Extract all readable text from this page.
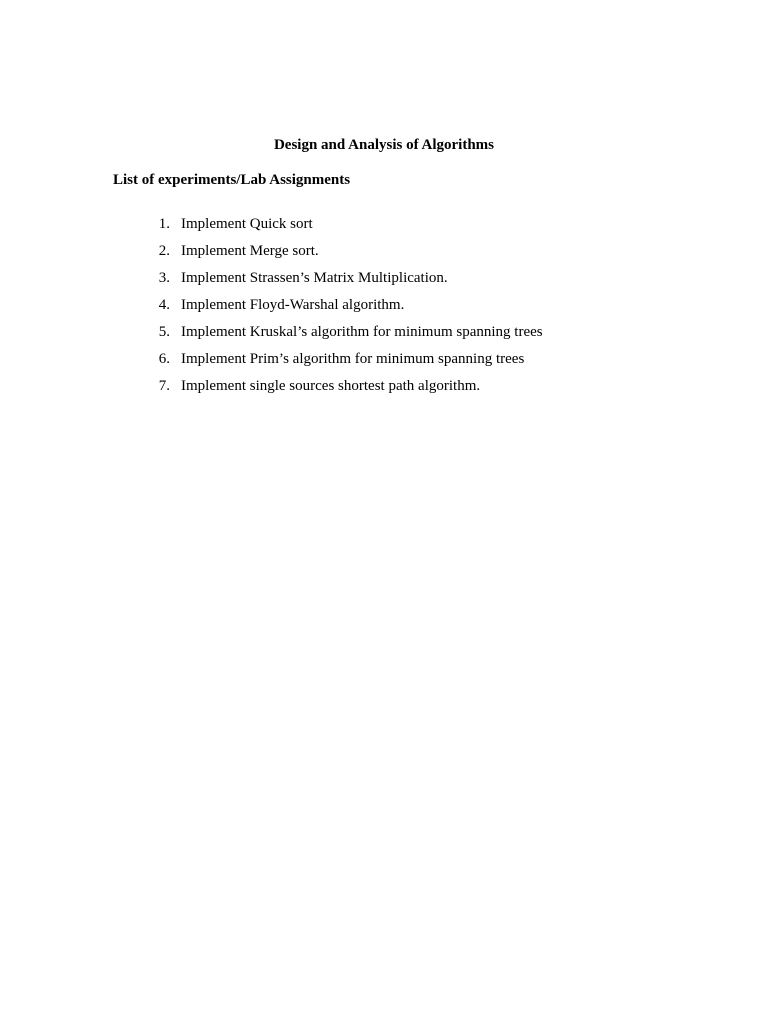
Design and Analysis of Algorithms
List of experiments/Lab Assignments
1. Implement Quick sort
2. Implement Merge sort.
3. Implement Strassen’s Matrix Multiplication.
4. Implement Floyd-Warshal algorithm.
5. Implement Kruskal’s algorithm for minimum spanning trees
6. Implement Prim’s algorithm for minimum spanning trees
7. Implement single sources shortest path algorithm.
